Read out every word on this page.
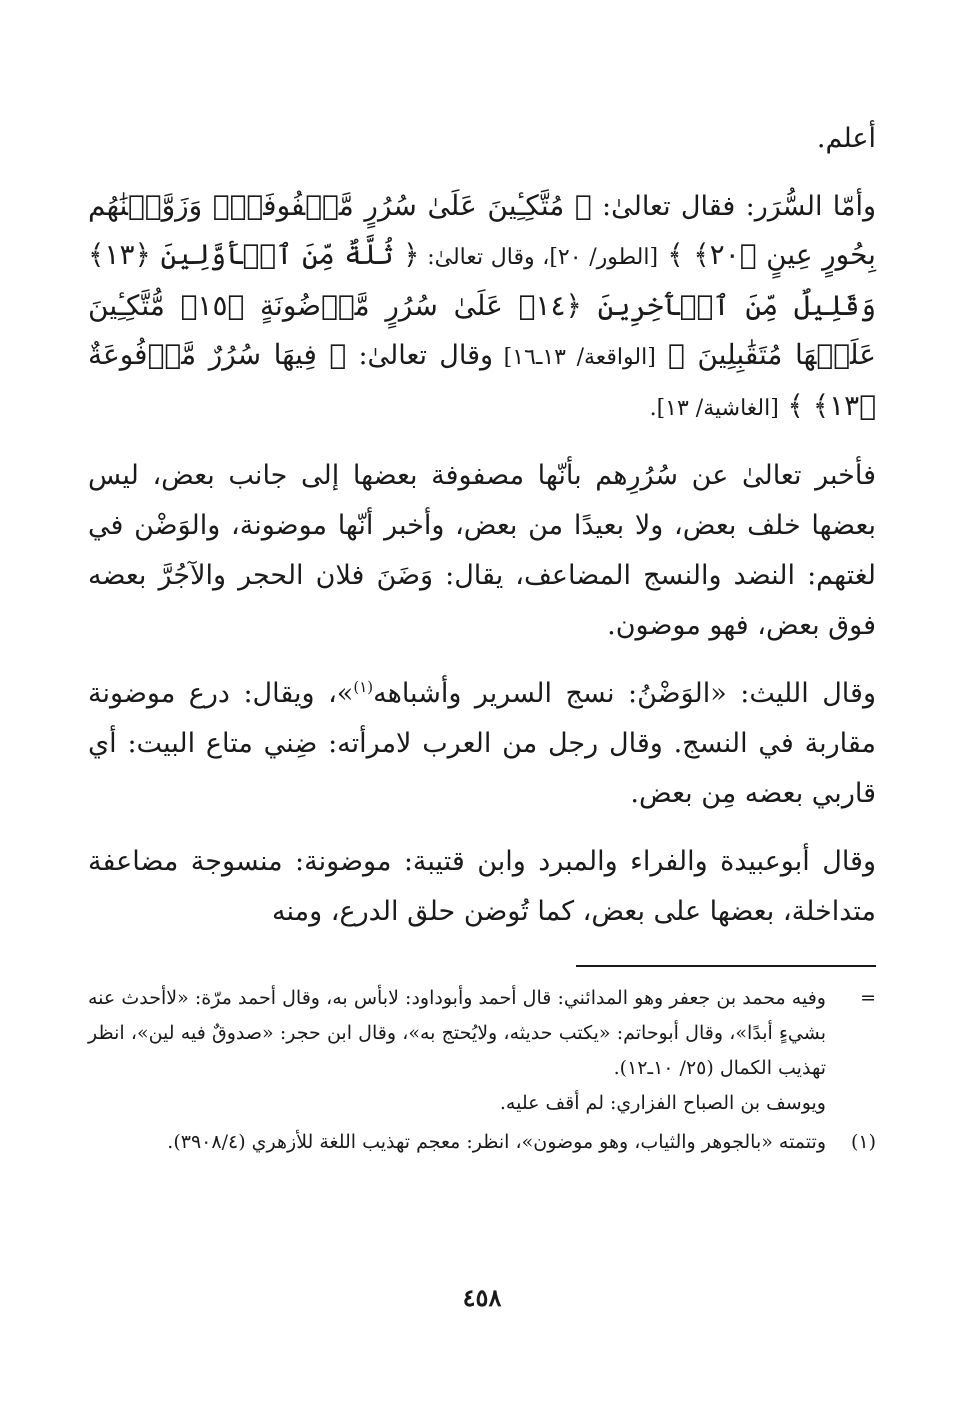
أعلم.

وأمّا السُّرَر: فقال تعالىٰ: ﴿ مُتَّكِـِٔينَ عَلَىٰ سُرُرٍ مَّصۡفُوفَةٍۖ وَزَوَّجۡنَٰهُم بِحُورٍ عِينٍ ﴿٢٠﴾ ﴾ [الطور/ ٢٠]، وقال تعالىٰ: ﴿ ثُلَّةٌ مِّنَ ٱلۡأَوَّلِينَ ﴿١٣﴾ وَقَلِيلٌ مِّنَ ٱلۡأٓخِرِينَ ﴿١٤﴾ عَلَىٰ سُرُرٍ مَّوۡضُونَةٍ ﴿١٥﴾ مُّتَّكِـِٔينَ عَلَيۡهَا مُتَقَٰبِلِينَ ﴾ [الواقعة/ ١٣ـ١٦] وقال تعالىٰ: ﴿ فِيهَا سُرُرٌ مَّرۡفُوعَةٌ ﴿١٣﴾ ﴾ [الغاشية/ ١٣].

فأخبر تعالىٰ عن سُرُرِهم بأنّها مصفوفة بعضها إلى جانب بعض، ليس بعضها خلف بعض، ولا بعيدًا من بعض، وأخبر أنّها موضونة، والوَضْن في لغتهم: النضد والنسج المضاعف، يقال: وَضَنَ فلان الحجر والآجُرَّ بعضه فوق بعض، فهو موضون.

وقال الليث: «الوَضْنُ: نسج السرير وأشباهه$^{(١)}$»، ويقال: درع موضونة مقاربة في النسج. وقال رجل من العرب لامرأته: ضِني متاع البيت: أي قاربي بعضه مِن بعض.

وقال أبوعبيدة والفراء والمبرد وابن قتيبة: موضونة: منسوجة مضاعفة متداخلة، بعضها على بعض، كما تُوضن حلق الدرع، ومنه

=
وفيه محمد بن جعفر وهو المدائني: قال أحمد وأبوداود: لابأس به، وقال أحمد مرّة: «لاأحدث عنه بشيءٍ أبدًا»، وقال أبوحاتم: «يكتب حديثه، ولايُحتج به»، وقال ابن حجر: «صدوقٌ فيه لين»، انظر تهذيب الكمال (٢٥/ ١٠ـ١٢).
ويوسف بن الصباح الفزاري: لم أقف عليه.
(١)
وتتمته «بالجوهر والثياب، وهو موضون»، انظر: معجم تهذيب اللغة للأزهري (٣٩٠٨/٤).
٤٥٨
